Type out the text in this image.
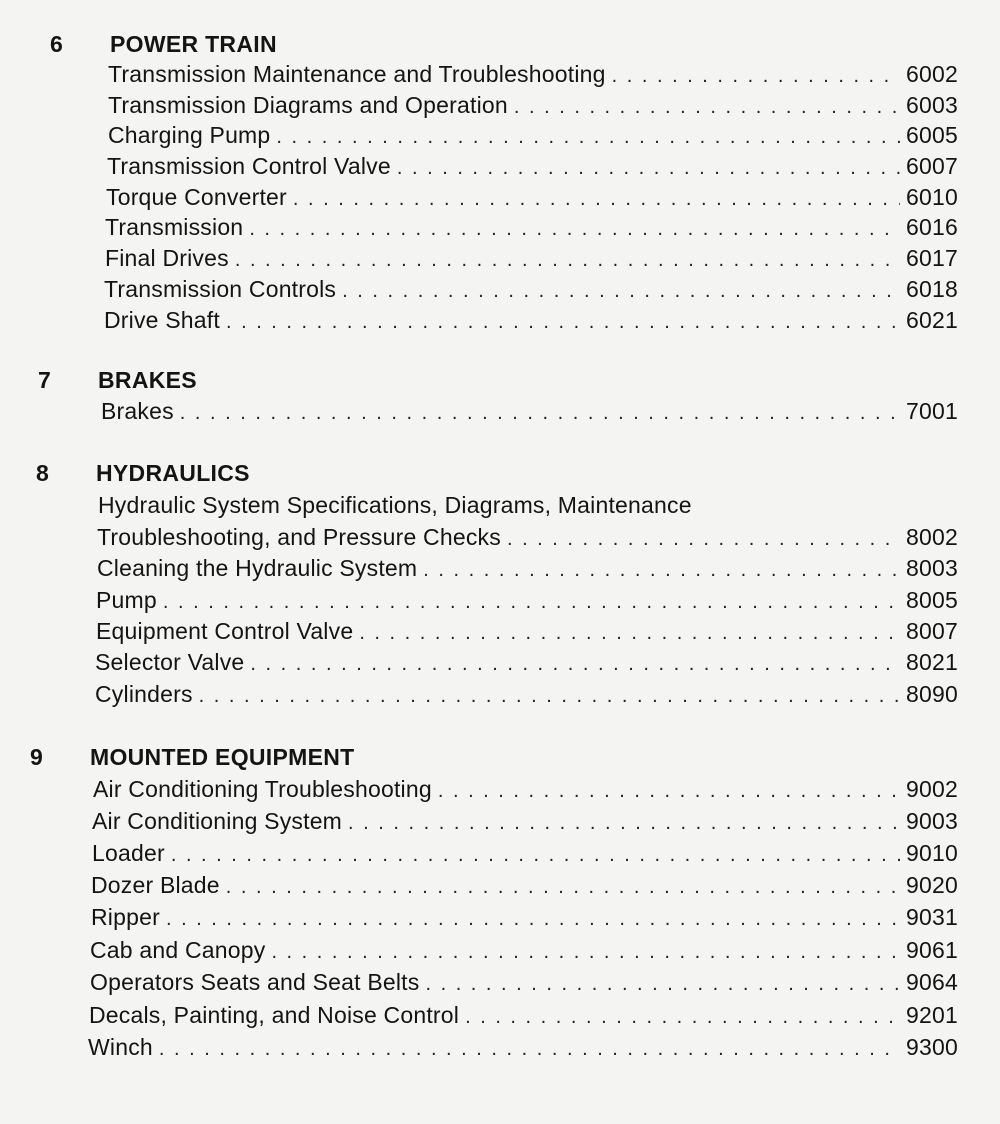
6 POWER TRAIN
Transmission Maintenance and Troubleshooting . . .	6002
Transmission Diagrams and Operation . . .	6003
Charging Pump . . .	6005
Transmission Control Valve . . .	6007
Torque Converter . . .	6010
Transmission . . .	6016
Final Drives . . .	6017
Transmission Controls . . .	6018
Drive Shaft . . .	6021
7 BRAKES
Brakes . . .	7001
8 HYDRAULICS
Hydraulic System Specifications, Diagrams, Maintenance
Troubleshooting, and Pressure Checks . . .	8002
Cleaning the Hydraulic System . . .	8003
Pump . . .	8005
Equipment Control Valve . . .	8007
Selector Valve . . .	8021
Cylinders . . .	8090
9 MOUNTED EQUIPMENT
Air Conditioning Troubleshooting . . .	9002
Air Conditioning System . . .	9003
Loader . . .	9010
Dozer Blade . . .	9020
Ripper . . .	9031
Cab and Canopy . . .	9061
Operators Seats and Seat Belts . . .	9064
Decals, Painting, and Noise Control . . .	9201
Winch . . .	9300
